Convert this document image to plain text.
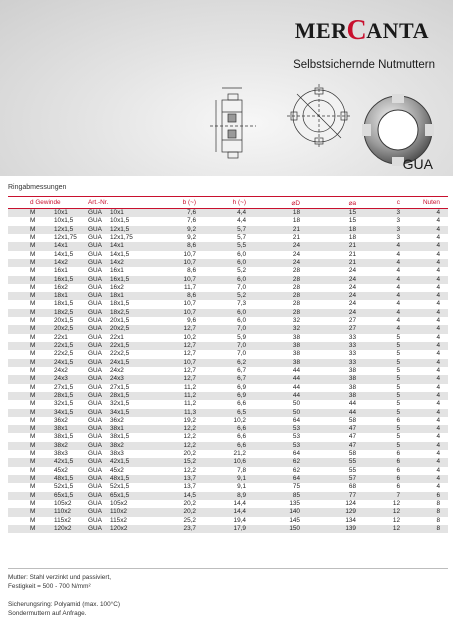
MER C ANTA
Selbstsichernde Nutmuttern
GUA
Ringabmessungen
d Gewinde		Art.-Nr.		b (~)	h (~)	⌀D	⌀a	c	Nuten
M	10x1	GUA	10x1	7,6	4,4	18	15	3	4
M	10x1,5	GUA	10x1,5	7,6	4,4	18	15	3	4
M	12x1,5	GUA	12x1,5	9,2	5,7	21	18	3	4
M	12x1,75	GUA	12x1,75	9,2	5,7	21	18	3	4
M	14x1	GUA	14x1	8,6	5,5	24	21	4	4
M	14x1,5	GUA	14x1,5	10,7	6,0	24	21	4	4
M	14x2	GUA	14x2	10,7	6,0	24	21	4	4
M	16x1	GUA	16x1	8,6	5,2	28	24	4	4
M	16x1,5	GUA	16x1,5	10,7	6,0	28	24	4	4
M	16x2	GUA	16x2	11,7	7,0	28	24	4	4
M	18x1	GUA	18x1	8,6	5,2	28	24	4	4
M	18x1,5	GUA	18x1,5	10,7	7,3	28	24	4	4
M	18x2,5	GUA	18x2,5	10,7	6,0	28	24	4	4
M	20x1,5	GUA	20x1,5	9,6	6,0	32	27	4	4
M	20x2,5	GUA	20x2,5	12,7	7,0	32	27	4	4
M	22x1	GUA	22x1	10,2	5,9	38	33	5	4
M	22x1,5	GUA	22x1,5	12,7	7,0	38	33	5	4
M	22x2,5	GUA	22x2,5	12,7	7,0	38	33	5	4
M	24x1,5	GUA	24x1,5	10,7	6,2	38	33	5	4
M	24x2	GUA	24x2	12,7	6,7	44	38	5	4
M	24x3	GUA	24x3	12,7	6,7	44	38	5	4
M	27x1,5	GUA	27x1,5	11,2	6,9	44	38	5	4
M	28x1,5	GUA	28x1,5	11,2	6,9	44	38	5	4
M	32x1,5	GUA	32x1,5	11,2	6,6	50	44	5	4
M	34x1,5	GUA	34x1,5	11,3	6,5	50	44	5	4
M	36x2	GUA	36x2	19,2	10,2	64	58	6	4
M	38x1	GUA	38x1	12,2	6,6	53	47	5	4
M	38x1,5	GUA	38x1,5	12,2	6,6	53	47	5	4
M	38x2	GUA	38x2	12,2	6,6	53	47	5	4
M	38x3	GUA	38x3	20,2	21,2	64	58	6	4
M	42x1,5	GUA	42x1,5	15,2	10,6	62	55	6	4
M	45x2	GUA	45x2	12,2	7,8	62	55	6	4
M	48x1,5	GUA	48x1,5	13,7	9,1	64	57	6	4
M	52x1,5	GUA	52x1,5	13,7	9,1	75	68	6	4
M	65x1,5	GUA	65x1,5	14,5	8,9	85	77	7	6
M	105x2	GUA	105x2	20,2	14,4	135	124	12	8
M	110x2	GUA	110x2	20,2	14,4	140	129	12	8
M	115x2	GUA	115x2	25,2	19,4	145	134	12	8
M	120x2	GUA	120x2	23,7	17,9	150	139	12	8

Mutter: Stahl verzinkt und passiviert,

Festigkeit = 500 - 700 N/mm²

Sicherungsring: Polyamid (max. 100°C)

Sondermuttern auf Anfrage.
